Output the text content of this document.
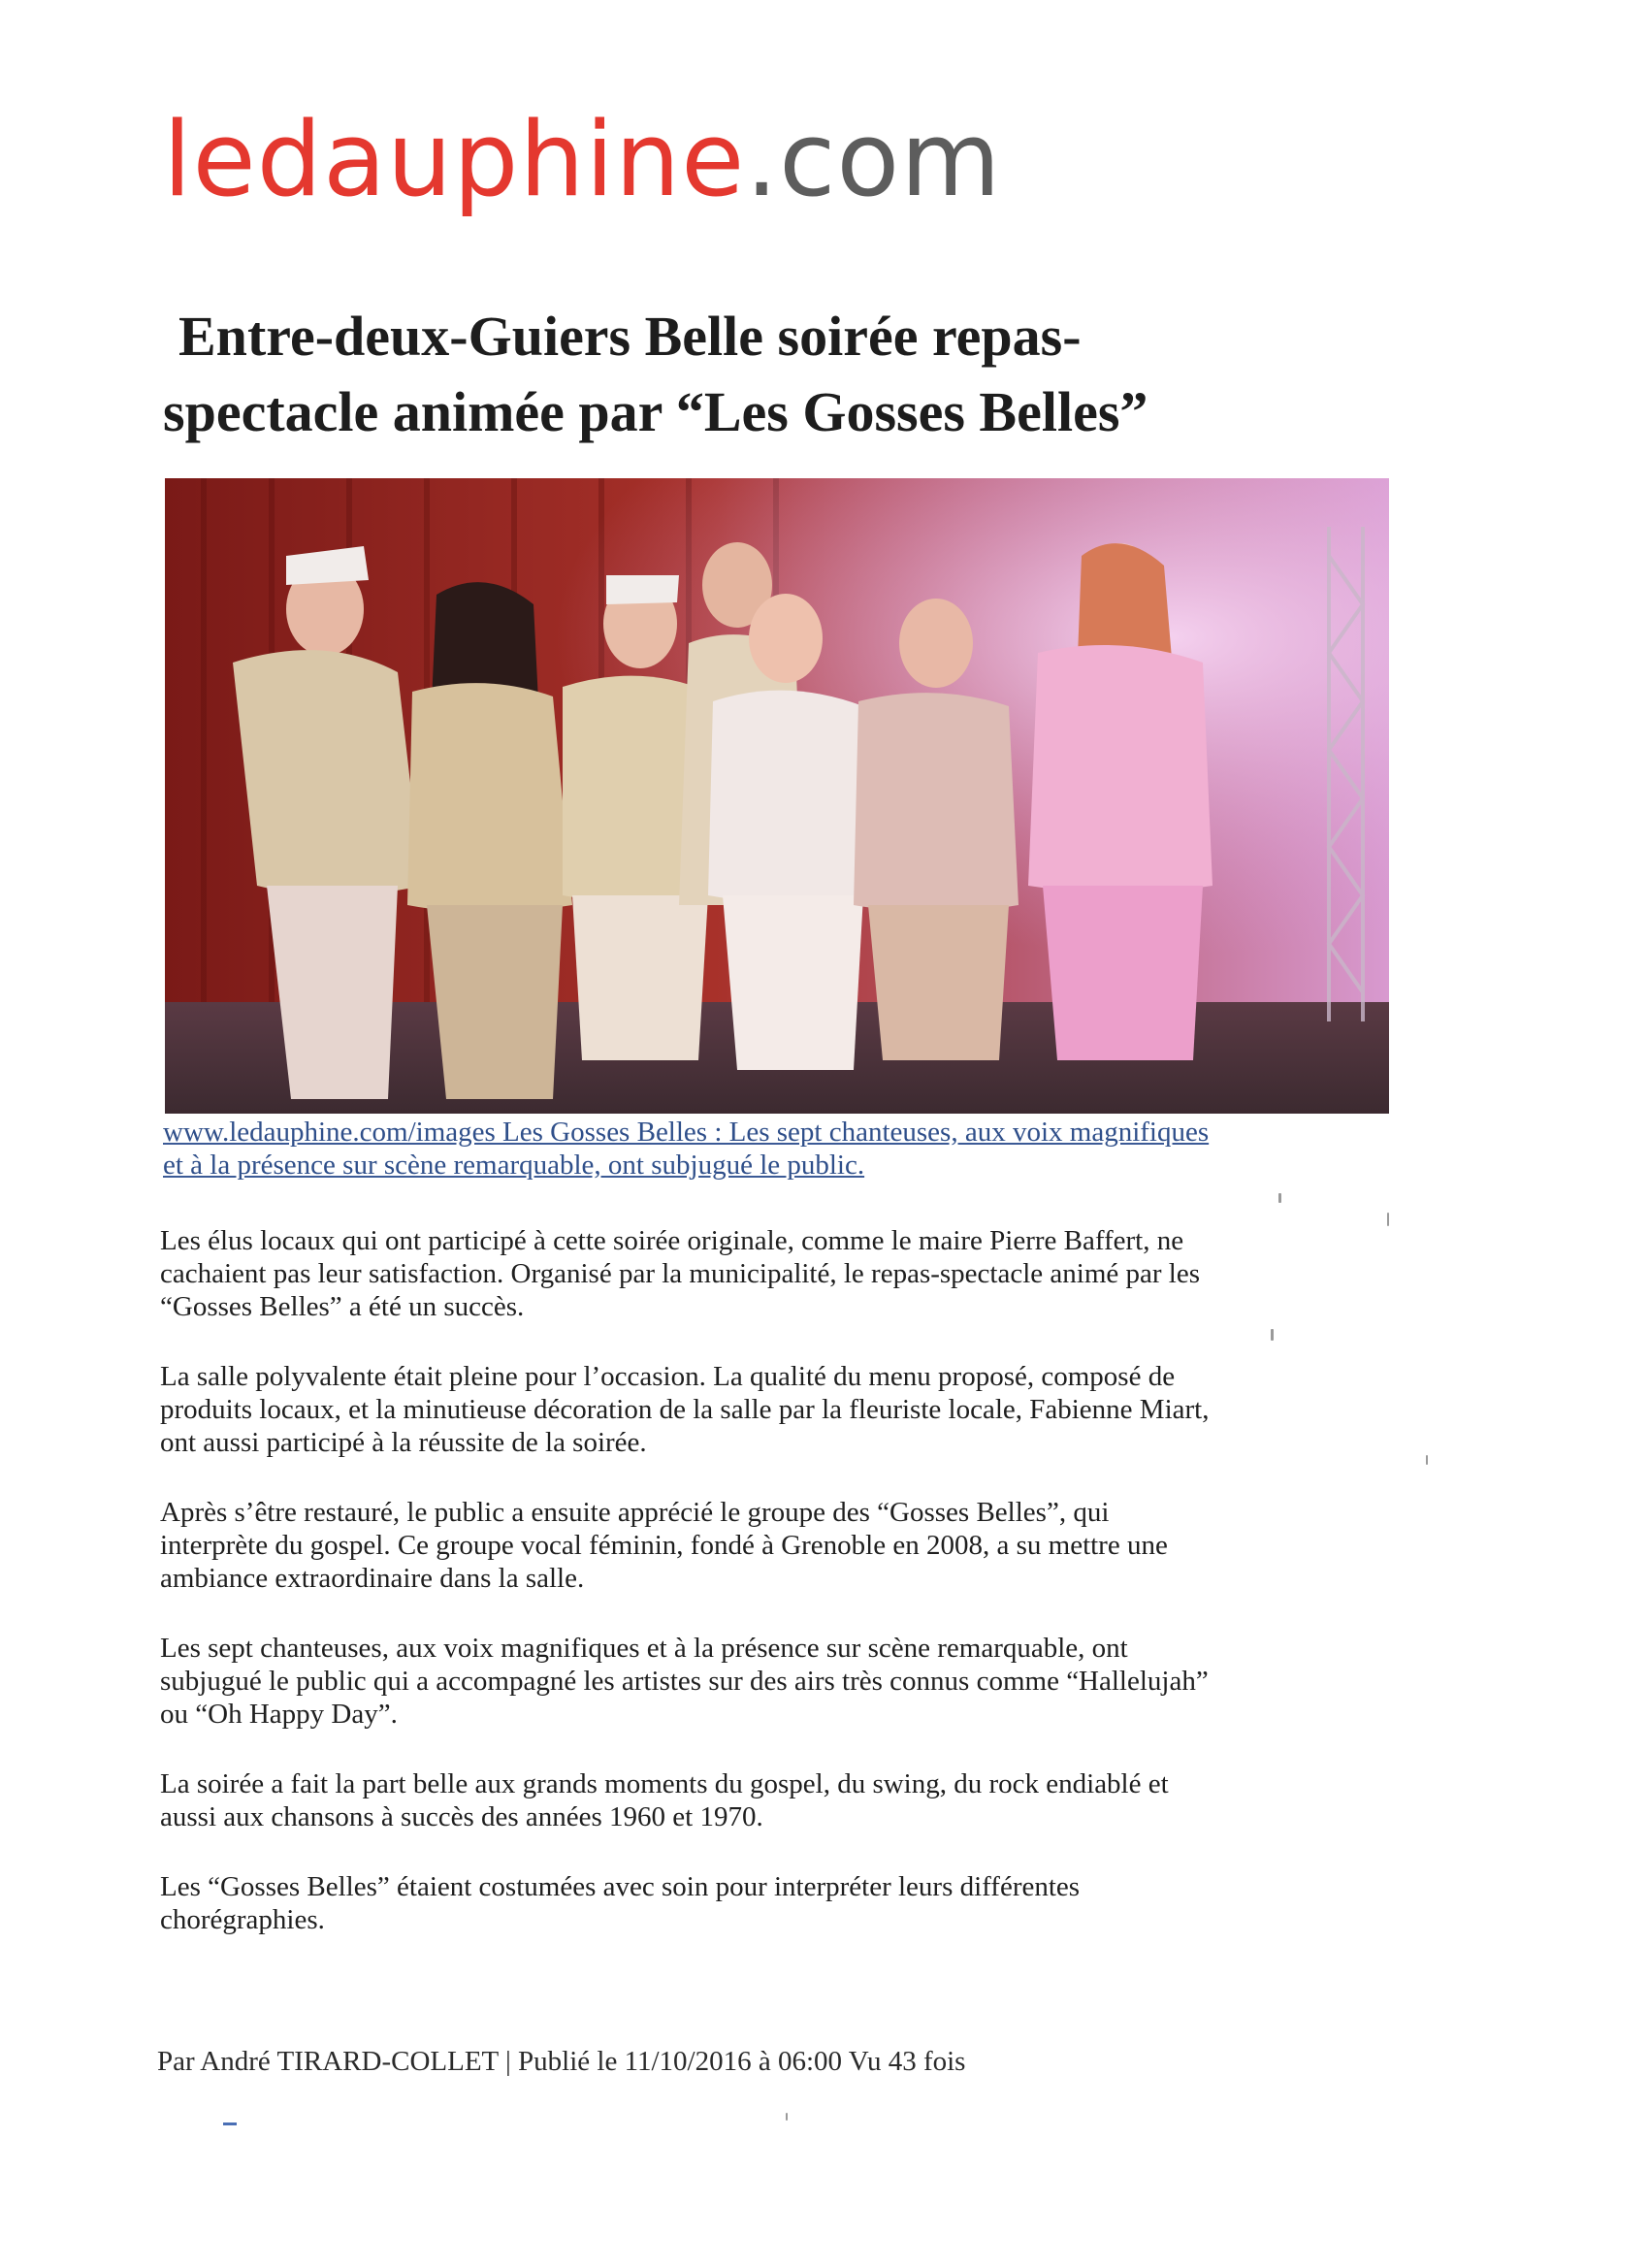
ledauphine.com
Entre-deux-Guiers Belle soirée repas-
spectacle animée par “Les Gosses Belles”
www.ledauphine.com/images Les Gosses Belles : Les sept chanteuses, aux voix magnifiques
et à la présence sur scène remarquable, ont subjugué le public.
Les élus locaux qui ont participé à cette soirée originale, comme le maire Pierre Baffert, ne
cachaient pas leur satisfaction. Organisé par la municipalité, le repas-spectacle animé par les
“Gosses Belles” a été un succès.
La salle polyvalente était pleine pour l’occasion. La qualité du menu proposé, composé de
produits locaux, et la minutieuse décoration de la salle par la fleuriste locale, Fabienne Miart,
ont aussi participé à la réussite de la soirée.
Après s’être restauré, le public a ensuite apprécié le groupe des “Gosses Belles”, qui
interprète du gospel. Ce groupe vocal féminin, fondé à Grenoble en 2008, a su mettre une
ambiance extraordinaire dans la salle.
Les sept chanteuses, aux voix magnifiques et à la présence sur scène remarquable, ont
subjugué le public qui a accompagné les artistes sur des airs très connus comme “Hallelujah”
ou “Oh Happy Day”.
La soirée a fait la part belle aux grands moments du gospel, du swing, du rock endiablé et
aussi aux chansons à succès des années 1960 et 1970.
Les “Gosses Belles” étaient costumées avec soin pour interpréter leurs différentes
chorégraphies.
Par André TIRARD-COLLET | Publié le 11/10/2016 à 06:00 Vu 43 fois
